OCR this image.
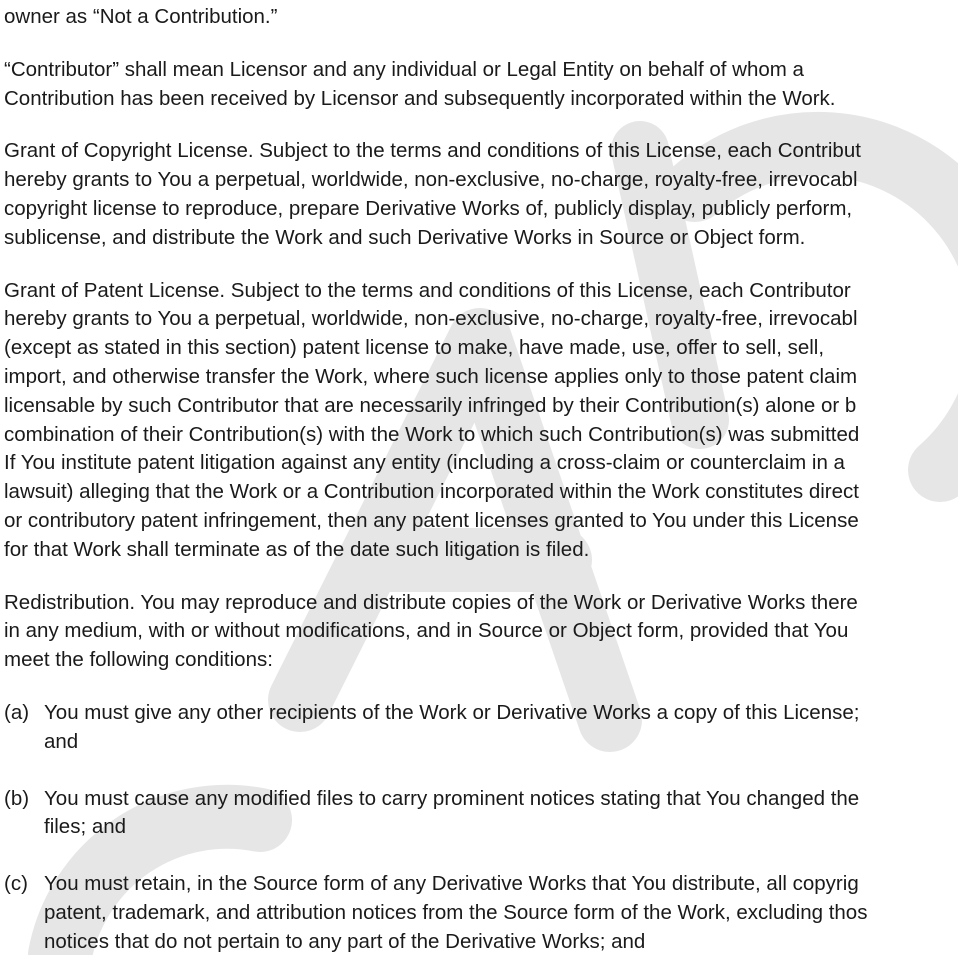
owner as “Not a Contribution.”
“Contributor” shall mean Licensor and any individual or Legal Entity on behalf of whom a
Contribution has been received by Licensor and subsequently incorporated within the Work.
Grant of Copyright License. Subject to the terms and conditions of this License, each Contribut
hereby grants to You a perpetual, worldwide, non-exclusive, no-charge, royalty-free, irrevocabl
copyright license to reproduce, prepare Derivative Works of, publicly display, publicly perform,
sublicense, and distribute the Work and such Derivative Works in Source or Object form.
Grant of Patent License. Subject to the terms and conditions of this License, each Contributor
hereby grants to You a perpetual, worldwide, non-exclusive, no-charge, royalty-free, irrevocabl
(except as stated in this section) patent license to make, have made, use, offer to sell, sell,
import, and otherwise transfer the Work, where such license applies only to those patent claim
licensable by such Contributor that are necessarily infringed by their Contribution(s) alone or b
combination of their Contribution(s) with the Work to which such Contribution(s) was submitted
If You institute patent litigation against any entity (including a cross-claim or counterclaim in a
lawsuit) alleging that the Work or a Contribution incorporated within the Work constitutes direct
or contributory patent infringement, then any patent licenses granted to You under this License
for that Work shall terminate as of the date such litigation is filed.
Redistribution. You may reproduce and distribute copies of the Work or Derivative Works there
in any medium, with or without modifications, and in Source or Object form, provided that You
meet the following conditions:
(a) You must give any other recipients of the Work or Derivative Works a copy of this License;
and
(b) You must cause any modified files to carry prominent notices stating that You changed the
files; and
(c) You must retain, in the Source form of any Derivative Works that You distribute, all copyrig
patent, trademark, and attribution notices from the Source form of the Work, excluding thos
notices that do not pertain to any part of the Derivative Works; and
